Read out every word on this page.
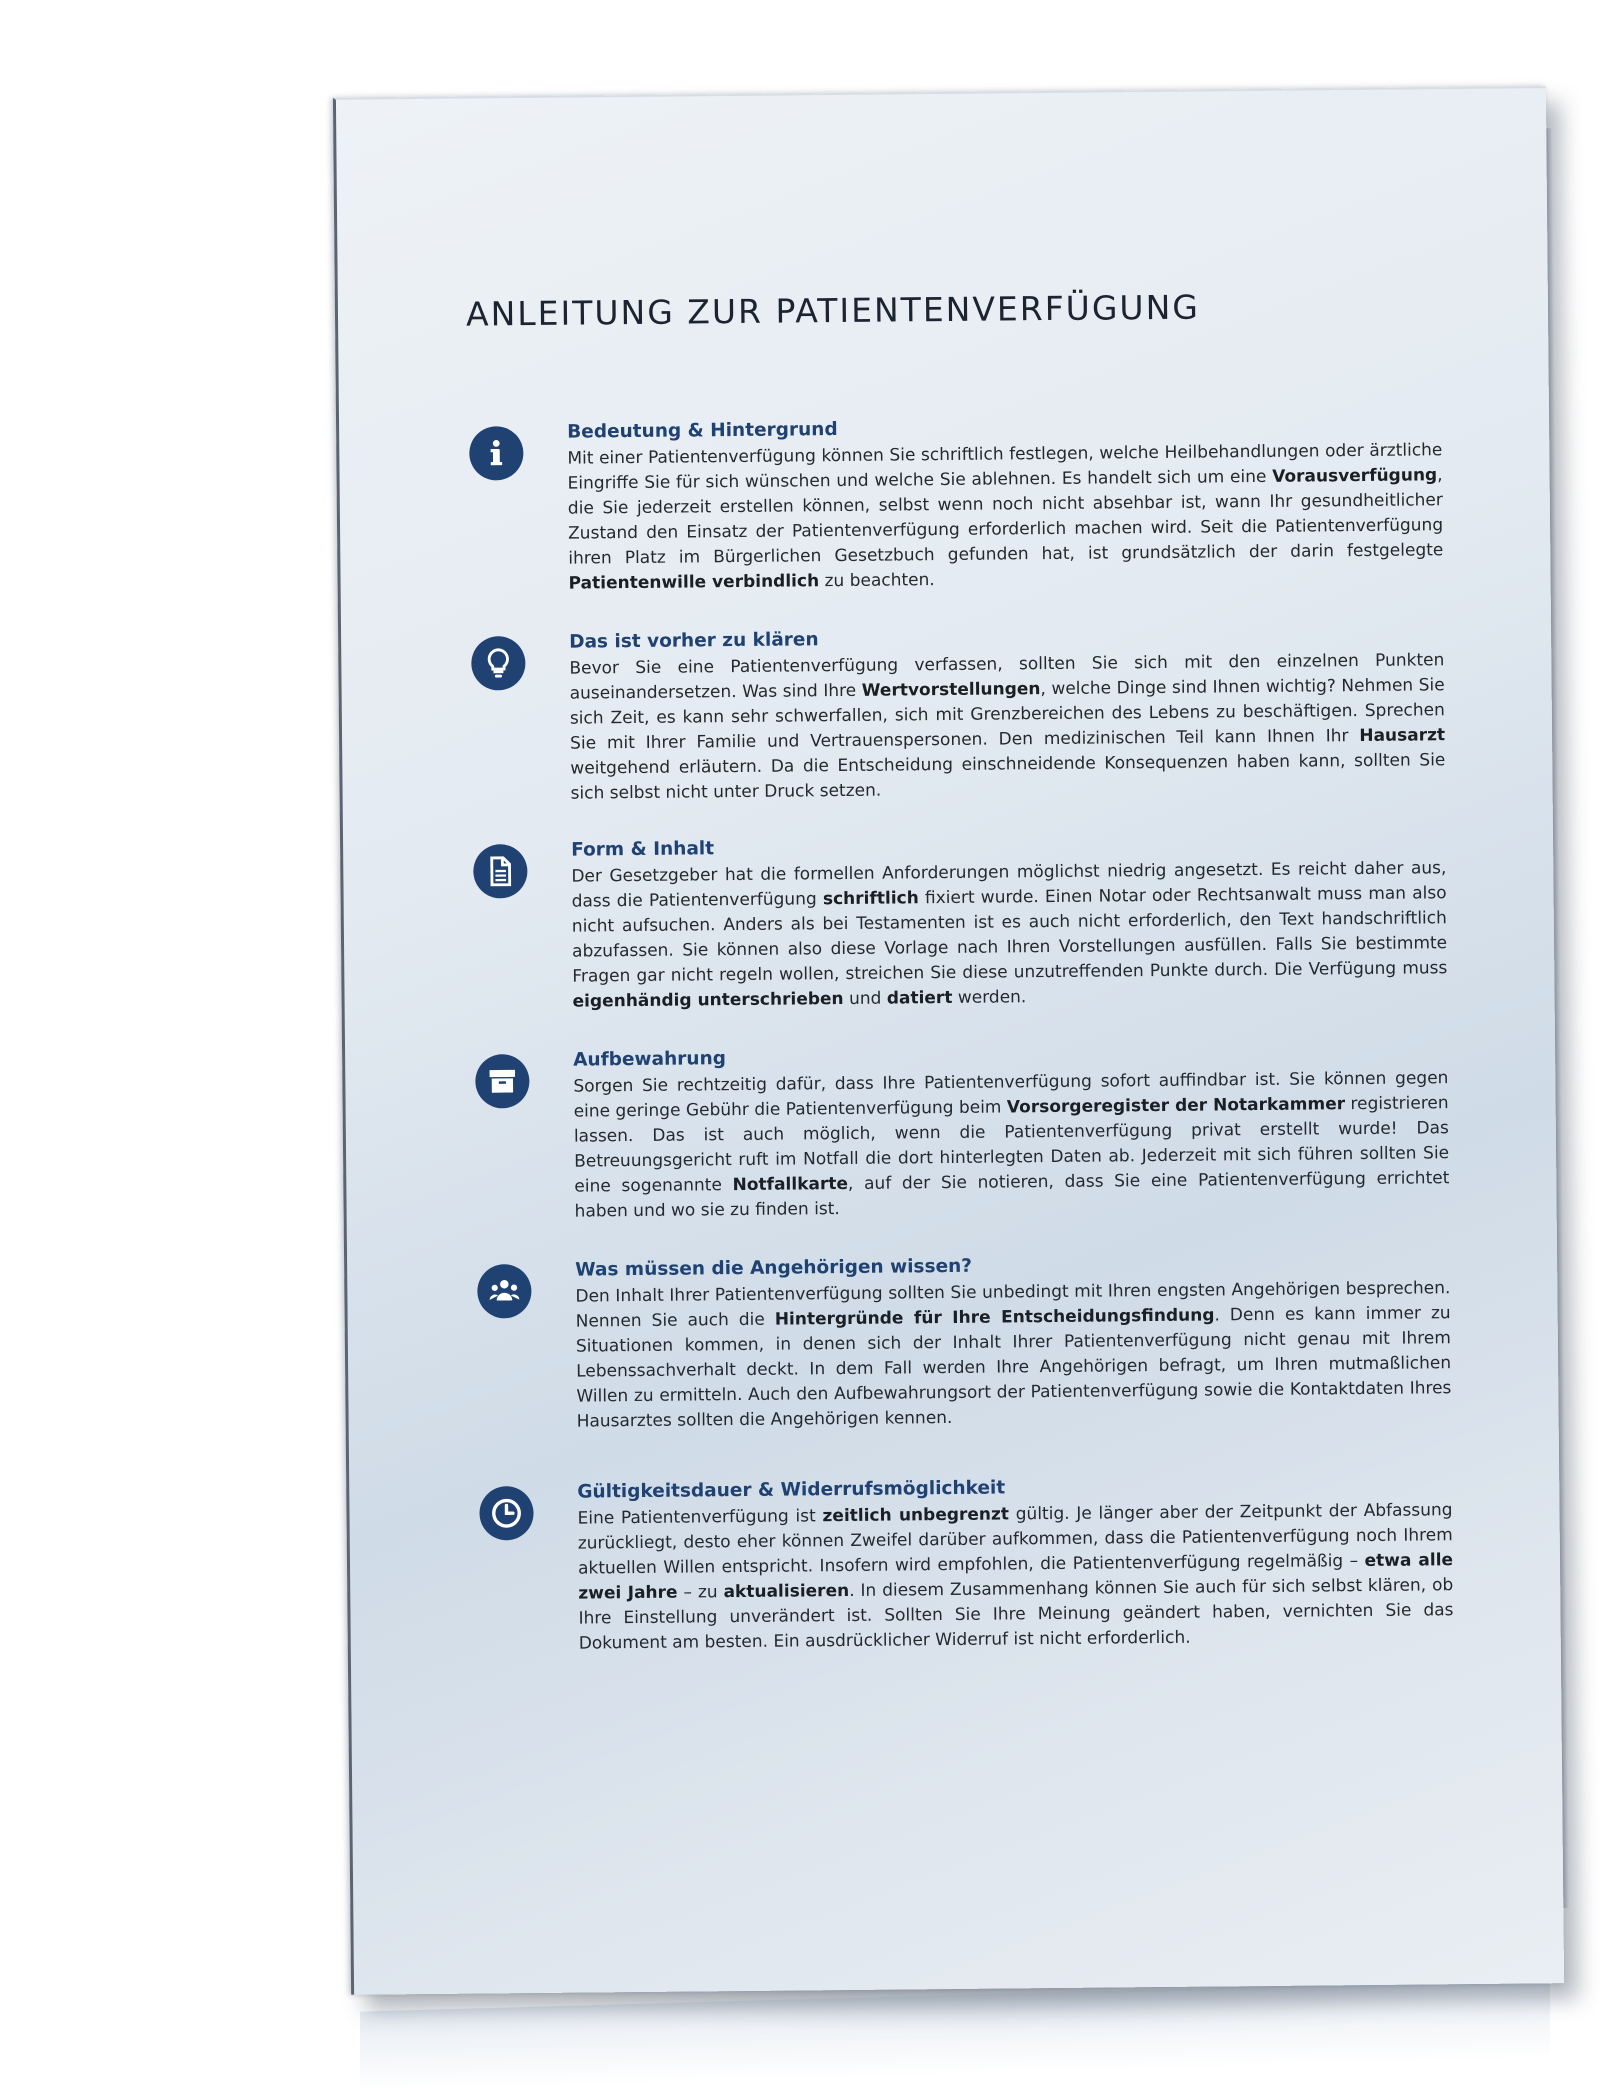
ANLEITUNG ZUR PATIENTENVERFÜGUNG
Bedeutung & Hintergrund

Mit einer Patientenverfügung können Sie schriftlich festlegen, welche Heilbehandlungen oder ärztliche Eingriffe Sie für sich wünschen und welche Sie ablehnen. Es handelt sich um eine Vorausverfügung, die Sie jederzeit erstellen können, selbst wenn noch nicht absehbar ist, wann Ihr gesundheitlicher Zustand den Einsatz der Patientenverfügung erforderlich machen wird. Seit die Patientenverfügung ihren Platz im Bürgerlichen Gesetzbuch gefunden hat, ist grundsätzlich der darin festgelegte Patientenwille verbindlich zu beachten.

Das ist vorher zu klären

Bevor Sie eine Patientenverfügung verfassen, sollten Sie sich mit den einzelnen Punkten auseinandersetzen. Was sind Ihre Wertvorstellungen, welche Dinge sind Ihnen wichtig? Nehmen Sie sich Zeit, es kann sehr schwerfallen, sich mit Grenzbereichen des Lebens zu beschäftigen. Sprechen Sie mit Ihrer Familie und Vertrauenspersonen. Den medizinischen Teil kann Ihnen Ihr Hausarzt weitgehend erläutern. Da die Entscheidung einschneidende Konsequenzen haben kann, sollten Sie sich selbst nicht unter Druck setzen.

Form & Inhalt

Der Gesetzgeber hat die formellen Anforderungen möglichst niedrig angesetzt. Es reicht daher aus, dass die Patientenverfügung schriftlich fixiert wurde. Einen Notar oder Rechtsanwalt muss man also nicht aufsuchen. Anders als bei Testamenten ist es auch nicht erforderlich, den Text handschriftlich abzufassen. Sie können also diese Vorlage nach Ihren Vorstellungen ausfüllen. Falls Sie bestimmte Fragen gar nicht regeln wollen, streichen Sie diese unzutreffenden Punkte durch. Die Verfügung muss eigenhändig unterschrieben und datiert werden.

Aufbewahrung

Sorgen Sie rechtzeitig dafür, dass Ihre Patientenverfügung sofort auffindbar ist. Sie können gegen eine geringe Gebühr die Patientenverfügung beim Vorsorgeregister der Notarkammer registrieren lassen. Das ist auch möglich, wenn die Patientenverfügung privat erstellt wurde! Das Betreuungsgericht ruft im Notfall die dort hinterlegten Daten ab. Jederzeit mit sich führen sollten Sie eine sogenannte Notfallkarte, auf der Sie notieren, dass Sie eine Patientenverfügung errichtet haben und wo sie zu finden ist.

Was müssen die Angehörigen wissen?

Den Inhalt Ihrer Patientenverfügung sollten Sie unbedingt mit Ihren engsten Angehörigen besprechen. Nennen Sie auch die Hintergründe für Ihre Entscheidungsfindung. Denn es kann immer zu Situationen kommen, in denen sich der Inhalt Ihrer Patientenverfügung nicht genau mit Ihrem Lebenssachverhalt deckt. In dem Fall werden Ihre Angehörigen befragt, um Ihren mutmaßlichen Willen zu ermitteln. Auch den Aufbewahrungsort der Patientenverfügung sowie die Kontaktdaten Ihres Hausarztes sollten die Angehörigen kennen.

Gültigkeitsdauer & Widerrufsmöglichkeit

Eine Patientenverfügung ist zeitlich unbegrenzt gültig. Je länger aber der Zeitpunkt der Abfassung zurückliegt, desto eher können Zweifel darüber aufkommen, dass die Patientenverfügung noch Ihrem aktuellen Willen entspricht. Insofern wird empfohlen, die Patientenverfügung regelmäßig – etwa alle zwei Jahre – zu aktualisieren. In diesem Zusammenhang können Sie auch für sich selbst klären, ob Ihre Einstellung unverändert ist. Sollten Sie Ihre Meinung geändert haben, vernichten Sie das Dokument am besten. Ein ausdrücklicher Widerruf ist nicht erforderlich.
